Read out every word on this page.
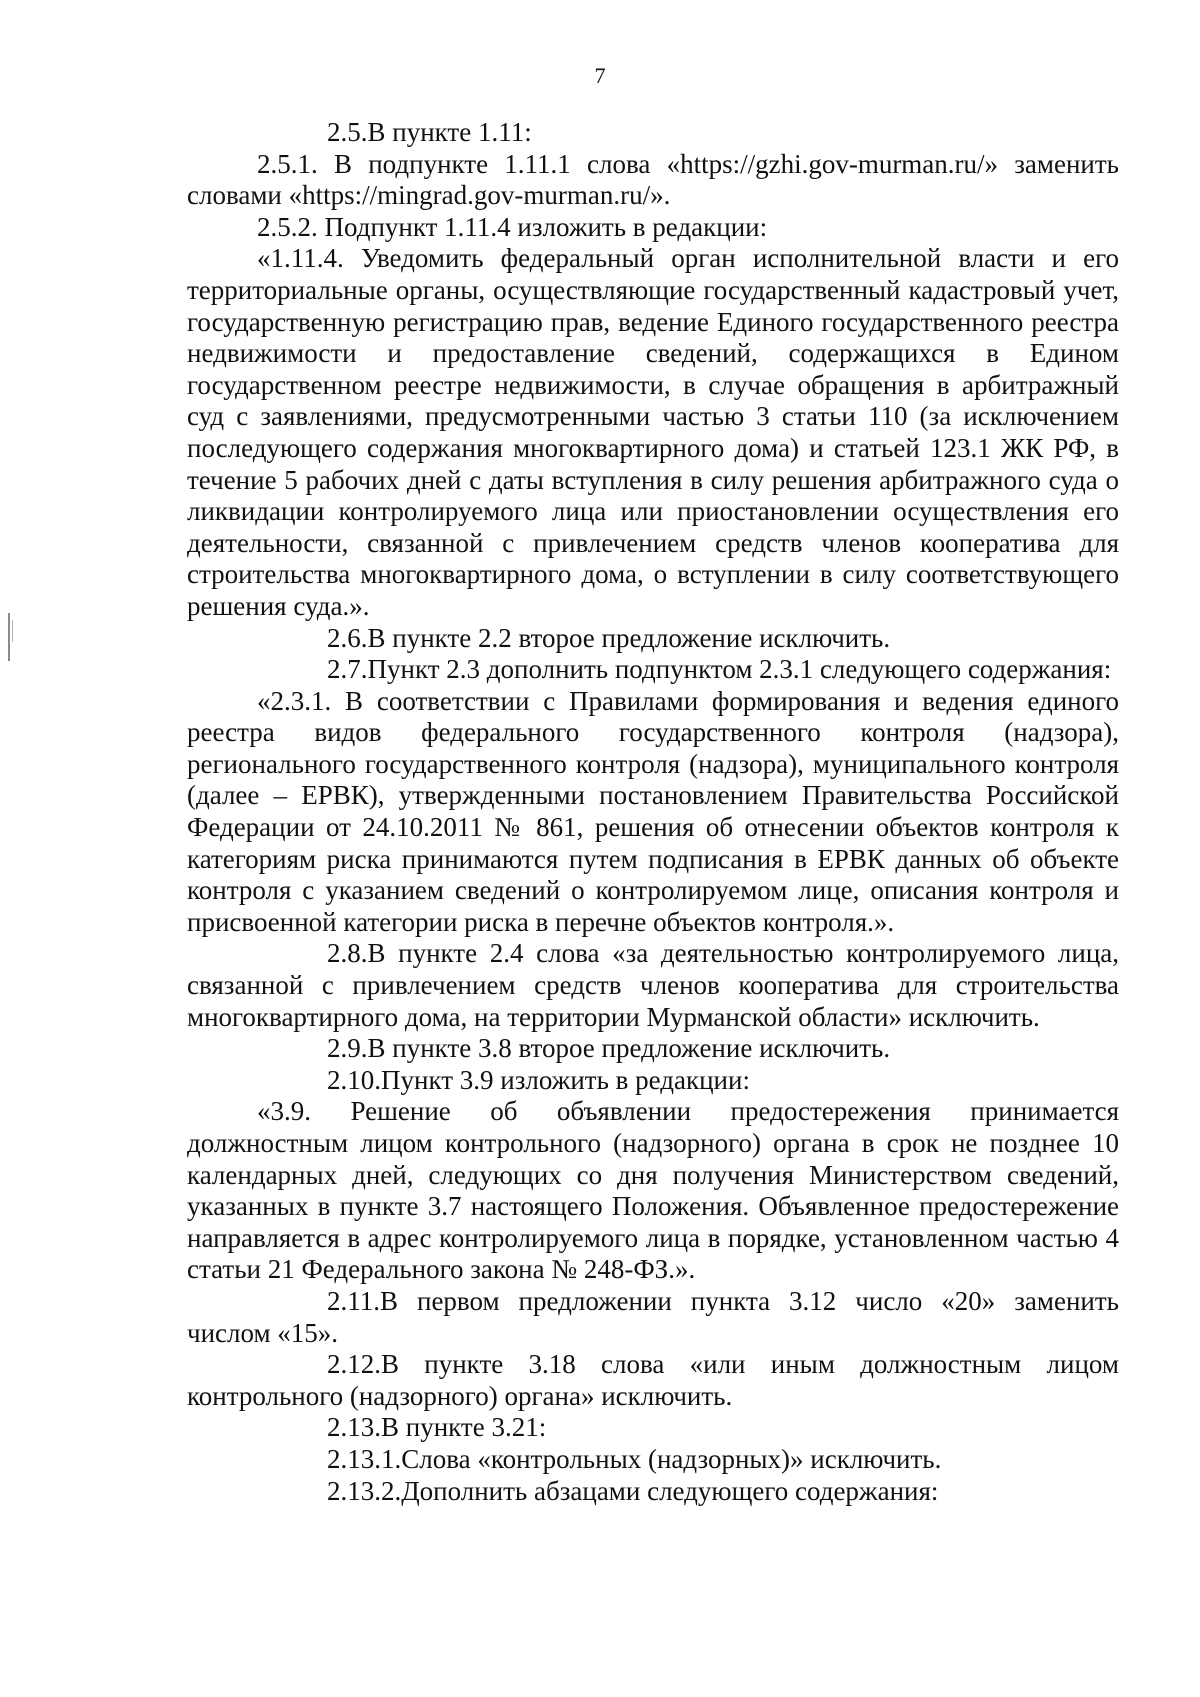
7

2.5.В пункте 1.11:

2.5.1. В подпункте 1.11.1 слова «https://gzhi.gov-murman.ru/» заменить словами «https://mingrad.gov-murman.ru/».

2.5.2. Подпункт 1.11.4 изложить в редакции:

«1.11.4. Уведомить федеральный орган исполнительной власти и его территориальные органы, осуществляющие государственный кадастровый учет, государственную регистрацию прав, ведение Единого государственного реестра недвижимости и предоставление сведений, содержащихся в Едином государственном реестре недвижимости, в случае обращения в арбитражный суд с заявлениями, предусмотренными частью 3 статьи 110 (за исключением последующего содержания многоквартирного дома) и статьей 123.1 ЖК РФ, в течение 5 рабочих дней с даты вступления в силу решения арбитражного суда о ликвидации контролируемого лица или приостановлении осуществления его деятельности, связанной с привлечением средств членов кооператива для строительства многоквартирного дома, о вступлении в силу соответствующего решения суда.».

2.6.В пункте 2.2 второе предложение исключить.

2.7.Пункт 2.3 дополнить подпунктом 2.3.1 следующего содержания:

«2.3.1. В соответствии с Правилами формирования и ведения единого реестра видов федерального государственного контроля (надзора), регионального государственного контроля (надзора), муниципального контроля (далее – ЕРВК), утвержденными постановлением Правительства Российской Федерации от 24.10.2011 № 861, решения об отнесении объектов контроля к категориям риска принимаются путем подписания в ЕРВК данных об объекте контроля с указанием сведений о контролируемом лице, описания контроля и присвоенной категории риска в перечне объектов контроля.».

2.8.В пункте 2.4 слова «за деятельностью контролируемого лица, связанной с привлечением средств членов кооператива для строительства многоквартирного дома, на территории Мурманской области» исключить.

2.9.В пункте 3.8 второе предложение исключить.

2.10.Пункт 3.9 изложить в редакции:

«3.9. Решение об объявлении предостережения принимается должностным лицом контрольного (надзорного) органа в срок не позднее 10 календарных дней, следующих со дня получения Министерством сведений, указанных в пункте 3.7 настоящего Положения. Объявленное предостережение направляется в адрес контролируемого лица в порядке, установленном частью 4 статьи 21 Федерального закона № 248-ФЗ.».

2.11.В первом предложении пункта 3.12 число «20» заменить числом «15».

2.12.В пункте 3.18 слова «или иным должностным лицом контрольного (надзорного) органа» исключить.

2.13.В пункте 3.21:

2.13.1.Слова «контрольных (надзорных)» исключить.

2.13.2.Дополнить абзацами следующего содержания:
